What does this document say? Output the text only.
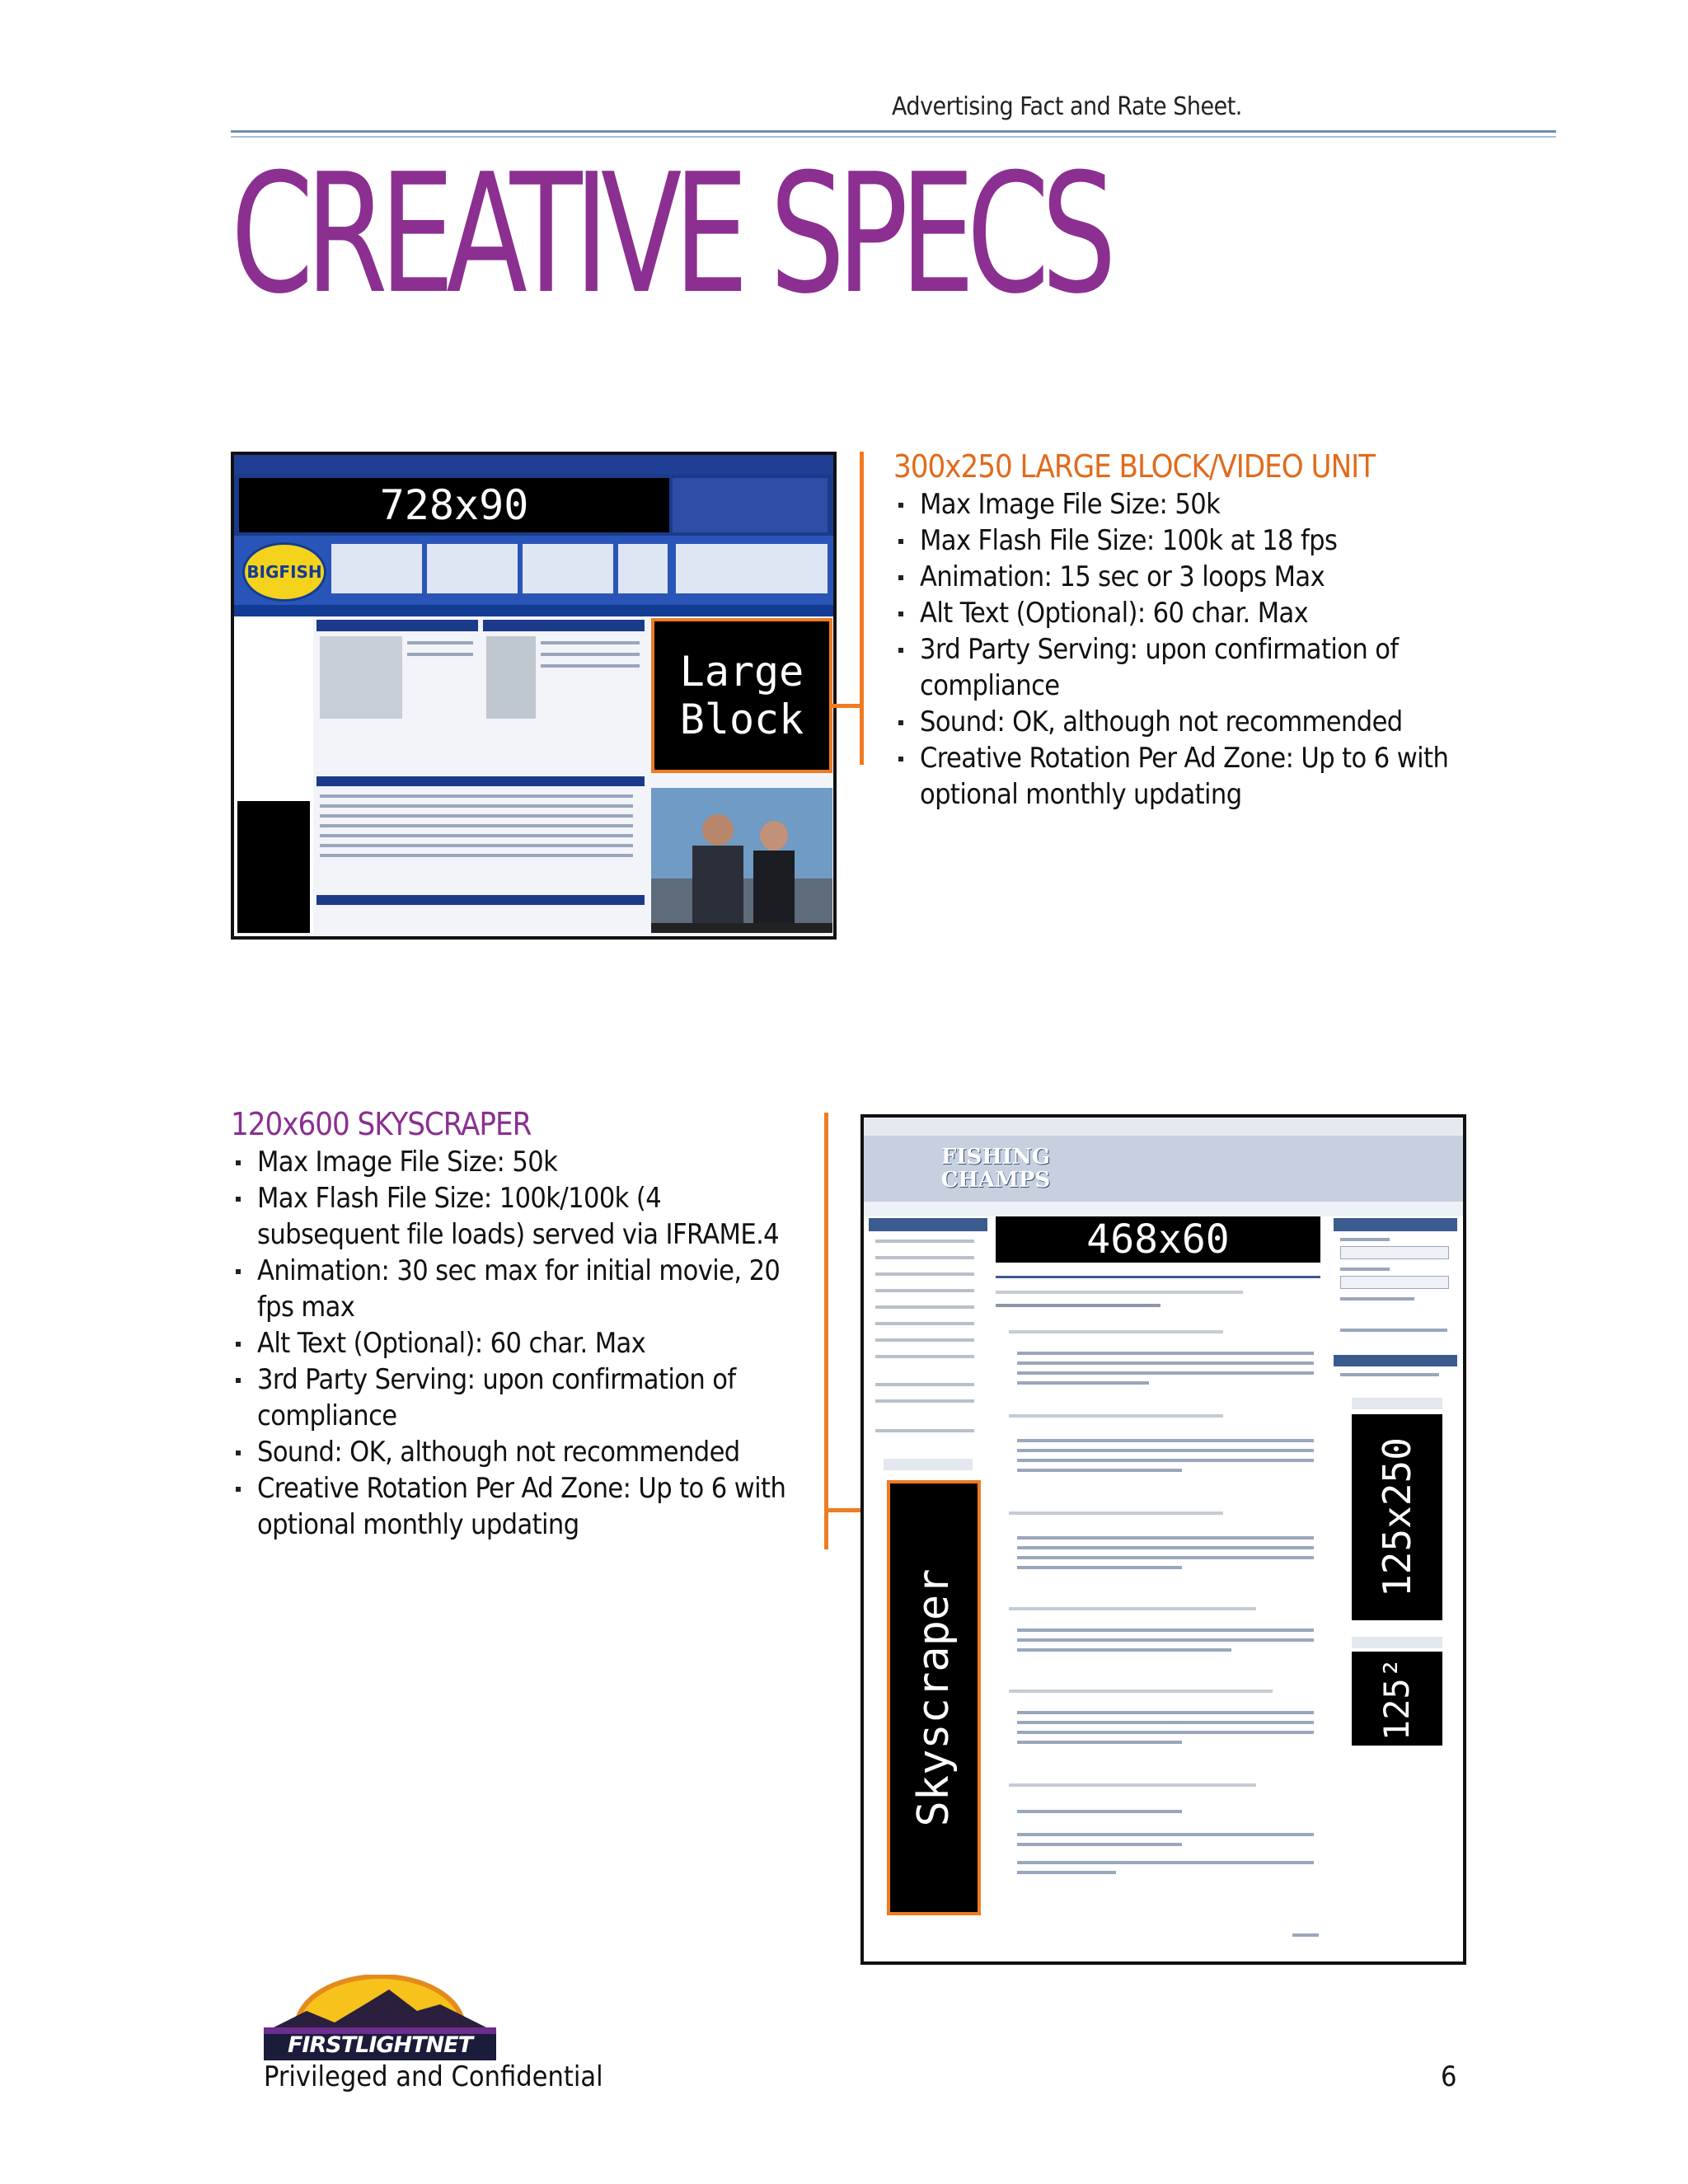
Advertising Fact and Rate Sheet.
CREATIVE SPECS
728x90
BIGFISH
Large
Block
300x250 LARGE BLOCK/VIDEO UNIT
Max Image File Size: 50k
Max Flash File Size: 100k at 18 fps
Animation: 15 sec or 3 loops Max
Alt Text (Optional): 60 char. Max
3rd Party Serving: upon confirmation of compliance
Sound: OK, although not recommended
Creative Rotation Per Ad Zone: Up to 6 with optional monthly updating
120x600 SKYSCRAPER
Max Image File Size: 50k
Max Flash File Size: 100k/100k (4 subsequent file loads) served via IFRAME.4
Animation: 30 sec max for initial movie, 20 fps max
Alt Text (Optional): 60 char. Max
3rd Party Serving: upon confirmation of compliance
Sound: OK, although not recommended
Creative Rotation Per Ad Zone: Up to 6 with optional monthly updating
FISHING
CHAMPS
Skyscraper
468x60
125x250
125²
FIRSTLIGHTNET
Privileged and Confidential	6
